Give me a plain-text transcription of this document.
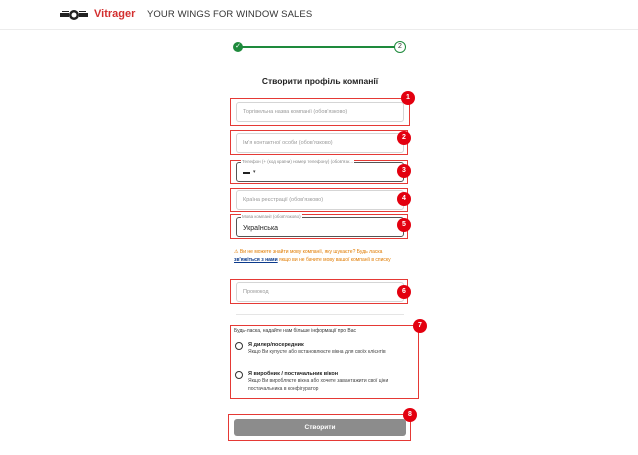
Vitrager YOUR WINGS FOR WINDOW SALES
✓	2
Створити профіль компанії
Торгівельна назва компанії (обов'язково)
1
Ім'я контактної особи (обов'язково)
2
Телефон (+ (код країни) номер телефону) (обов'язк...
▾	3
Країна реєстрації (обов'язково)	4
Мова компанії (обов'язково)
Українська
5
⚠ Ви не можете знайти мову компанії, яку шукаєте? Будь ласка зв'яжіться з нами якщо ви не бачите мову вашої компанії в списку
Промокод	6
7
Будь-ласка, надайте нам більше інформації про Вас
Я дилер/посередник
Якщо Ви купуєте або встановлюєте вікна для своїх клієнтів
Я виробник / постачальник вікон
Якщо Ви виробляєте вікна або хочете завантажити свої ціни постачальника в конфігуратор
8
Створити
